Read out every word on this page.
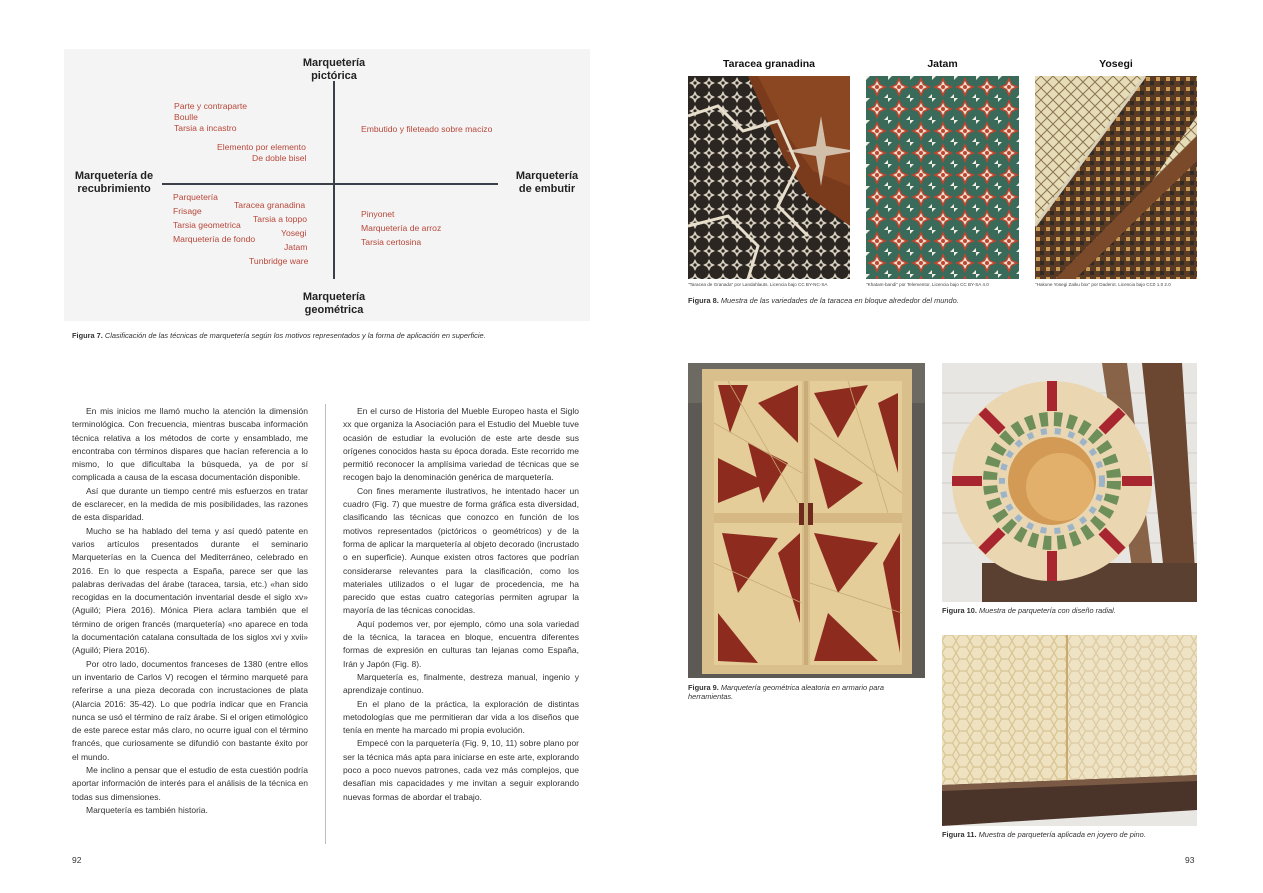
Marquetería
pictórica
Marquetería
geométrica
Marquetería de
recubrimiento
Marquetería
de embutir
Parte y contraparte
Boulle
Tarsia a incastro
Elemento por elemento
De doble bisel
Embutido y fileteado sobre macizo
Parquetería
Frisage
Tarsia geometrica
Marquetería de fondo
Taracea granadina
Tarsia a toppo
Yosegi
Jatam
Tunbridge ware
Pinyonet
Marquetería de arroz
Tarsia certosina
Figura 7. Clasificación de las técnicas de marquetería según los motivos representados y la forma de aplicación en superficie.

En mis inicios me llamó mucho la atención la dimensión terminológica. Con frecuencia, mientras buscaba información técnica relativa a los métodos de corte y ensamblado, me encontraba con términos dispares que hacían referencia a lo mismo, lo que dificultaba la búsqueda, ya de por sí complicada a causa de la escasa documentación disponible.

Así que durante un tiempo centré mis esfuerzos en tratar de esclarecer, en la medida de mis posibilidades, las razones de esta disparidad.

Mucho se ha hablado del tema y así quedó patente en varios artículos presentados durante el seminario Marqueterías en la Cuenca del Mediterráneo, celebrado en 2016. En lo que respecta a España, parece ser que las palabras derivadas del árabe (taracea, tarsia, etc.) «han sido recogidas en la documentación inventarial desde el siglo xv» (Aguiló; Piera 2016). Mónica Piera aclara también que el término de origen francés (marquetería) «no aparece en toda la documentación catalana consultada de los siglos xvi y xvii» (Aguiló; Piera 2016).

Por otro lado, documentos franceses de 1380 (entre ellos un inventario de Carlos V) recogen el término marqueté para referirse a una pieza decorada con incrustaciones de plata (Alarcia 2016: 35-42). Lo que podría indicar que en Francia nunca se usó el término de raíz árabe. Si el origen etimológico de este parece estar más claro, no ocurre igual con el término francés, que curiosamente se difundió con bastante éxito por el mundo.

Me inclino a pensar que el estudio de esta cuestión podría aportar información de interés para el análisis de la técnica en todas sus dimensiones.

Marquetería es también historia.

En el curso de Historia del Mueble Europeo hasta el Siglo xx que organiza la Asociación para el Estudio del Mueble tuve ocasión de estudiar la evolución de este arte desde sus orígenes conocidos hasta su época dorada. Este recorrido me permitió reconocer la amplísima variedad de técnicas que se recogen bajo la denominación genérica de marquetería.

Con fines meramente ilustrativos, he intentado hacer un cuadro (Fig. 7) que muestre de forma gráfica esta diversidad, clasificando las técnicas que conozco en función de los motivos representados (pictóricos o geométricos) y de la forma de aplicar la marquetería al objeto decorado (incrustado o en superficie). Aunque existen otros factores que podrían considerarse relevantes para la clasificación, como los materiales utilizados o el lugar de procedencia, me ha parecido que estas cuatro categorías permiten agrupar la mayoría de las técnicas conocidas.

Aquí podemos ver, por ejemplo, cómo una sola variedad de la técnica, la taracea en bloque, encuentra diferentes formas de expresión en culturas tan lejanas como España, Irán y Japón (Fig. 8).

Marquetería es, finalmente, destreza manual, ingenio y aprendizaje continuo.

En el plano de la práctica, la exploración de distintas metodologías que me permitieran dar vida a los diseños que tenía en mente ha marcado mi propia evolución.

Empecé con la parquetería (Fig. 9, 10, 11) sobre plano por ser la técnica más apta para iniciarse en este arte, explorando poco a poco nuevos patrones, cada vez más complejos, que desafían mis capacidades y me invitan a seguir explorando nuevas formas de abordar el trabajo.

92	93
Taracea granadina	Jatam	Yosegi
"Taracea de Granada" por Landahlauts. Licencia bajo CC BY-NC-SA	"Khatam-bandi" por Telementor. Licencia bajo CC BY-SA 4.0	"Hakone Yosegi Zaiku box" por Daderot. Licencia bajo CC0 1.0 2.0
Figura 8. Muestra de las variedades de la taracea en bloque alrededor del mundo.
Figura 9. Marquetería geométrica aleatoria en armario para herramientas.
Figura 10. Muestra de parquetería con diseño radial.
Figura 11. Muestra de parquetería aplicada en joyero de pino.
